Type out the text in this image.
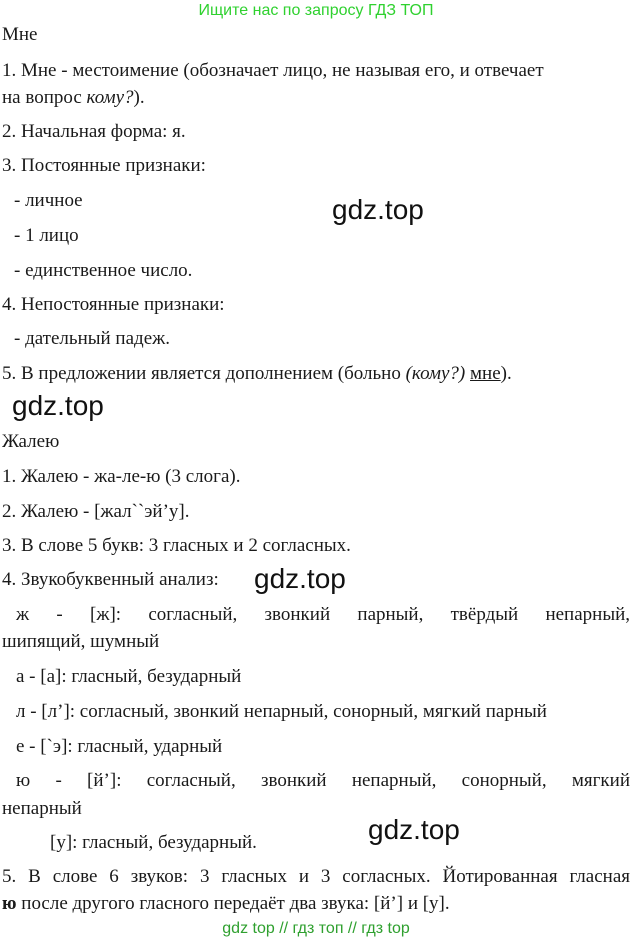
Ищите нас по запросу ГДЗ ТОП
Мне
1. Мне - местоимение (обозначает лицо, не называя его, и отвечает
на вопрос кому?).
2. Начальная форма: я.
3. Постоянные признаки:
- личное
- 1 лицо
- единственное число.
4. Непостоянные признаки:
- дательный падеж.
5. В предложении является дополнением (больно (кому?) мне).
Жалею
1. Жалею - жа-ле-ю (3 слога).
2. Жалею - [жал``эй’у].
3. В слове 5 букв: 3 гласных и 2 согласных.
4. Звукобуквенный анализ:
ж - [ж]: согласный, звонкий парный, твёрдый непарный,
шипящий, шумный
а - [а]: гласный, безударный
л - [л’]: согласный, звонкий непарный, сонорный, мягкий парный
е - [`э]: гласный, ударный
ю - [й’]: согласный, звонкий непарный, сонорный, мягкий
непарный
[у]: гласный, безударный.
5. В слове 6 звуков: 3 гласных и 3 согласных. Йотированная гласная
ю после другого гласного передаёт два звука: [й’] и [у].
gdz.top
gdz.top
gdz.top
gdz.top
gdz top // гдз топ // гдз top
